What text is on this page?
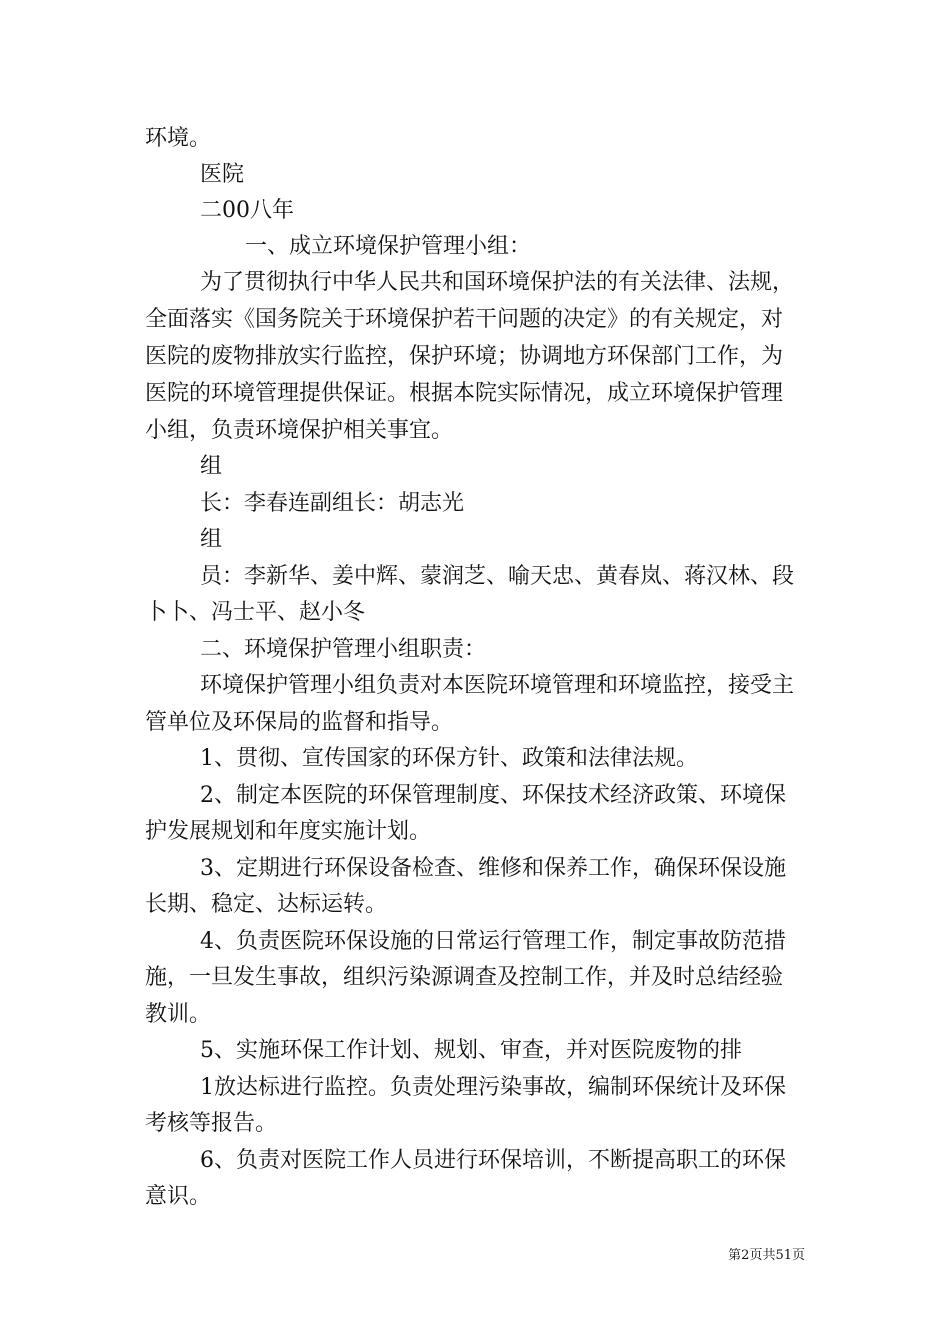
环境。
医院
二00八年
一、成立环境保护管理小组：
为了贯彻执行中华人民共和国环境保护法的有关法律、法规，
全面落实《国务院关于环境保护若干问题的决定》的有关规定，对
医院的废物排放实行监控，保护环境；协调地方环保部门工作，为
医院的环境管理提供保证。根据本院实际情况，成立环境保护管理
小组，负责环境保护相关事宜。
组
长：李春连副组长：胡志光
组
员：李新华、姜中辉、蒙润芝、喻天忠、黄春岚、蒋汉林、段
卜卜、冯士平、赵小冬
二、环境保护管理小组职责：
环境保护管理小组负责对本医院环境管理和环境监控，接受主
管单位及环保局的监督和指导。
1、贯彻、宣传国家的环保方针、政策和法律法规。
2、制定本医院的环保管理制度、环保技术经济政策、环境保
护发展规划和年度实施计划。
3、定期进行环保设备检查、维修和保养工作，确保环保设施
长期、稳定、达标运转。
4、负责医院环保设施的日常运行管理工作，制定事故防范措
施，一旦发生事故，组织污染源调查及控制工作，并及时总结经验
教训。
5、实施环保工作计划、规划、审查，并对医院废物的排
1放达标进行监控。负责处理污染事故，编制环保统计及环保
考核等报告。
6、负责对医院工作人员进行环保培训，不断提高职工的环保
意识。
第2页共51页
